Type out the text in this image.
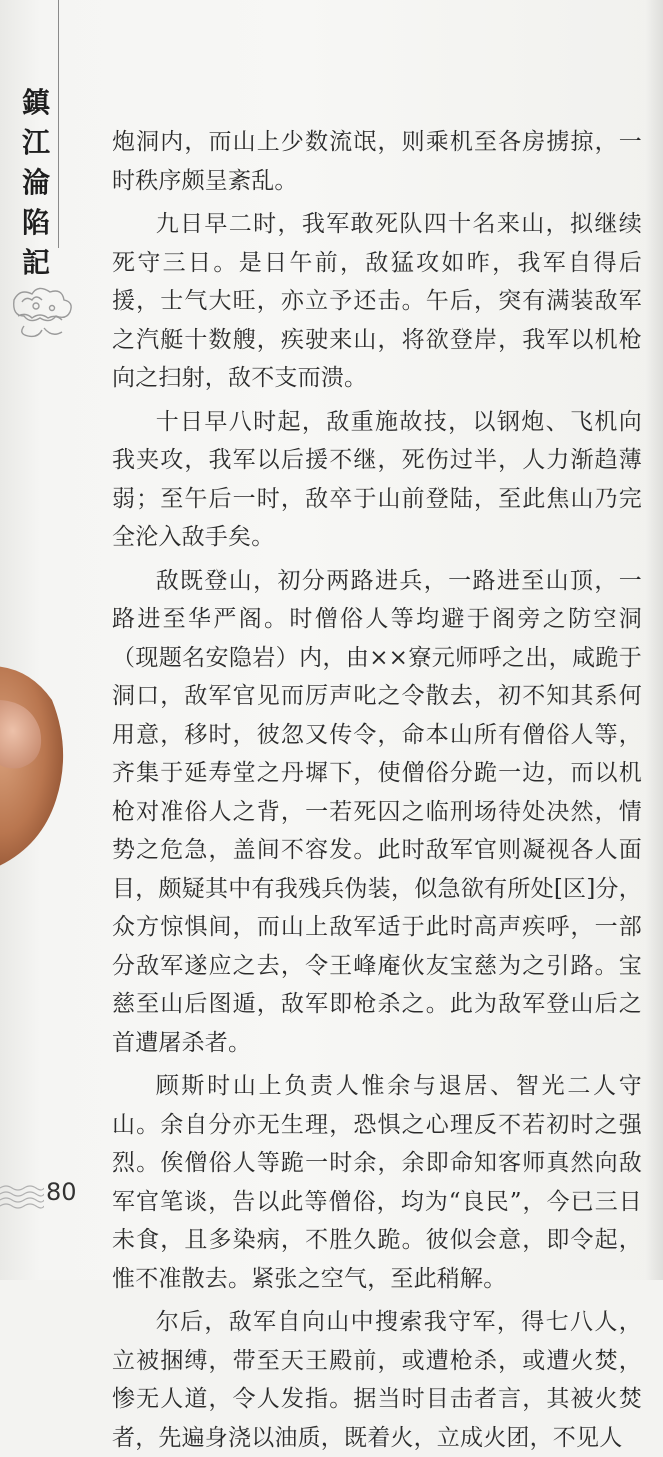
鎮
江
淪
陷
記

炮洞内，而山上少数流氓，则乘机至各房掳掠，一时秩序颇呈紊乱。

九日早二时，我军敢死队四十名来山，拟继续死守三日。是日午前，敌猛攻如昨，我军自得后援，士气大旺，亦立予还击。午后，突有满装敌军之汽艇十数艘，疾驶来山，将欲登岸，我军以机枪向之扫射，敌不支而溃。

十日早八时起，敌重施故技，以钢炮、飞机向我夹攻，我军以后援不继，死伤过半，人力渐趋薄弱；至午后一时，敌卒于山前登陆，至此焦山乃完全沦入敌手矣。

敌既登山，初分两路进兵，一路进至山顶，一路进至华严阁。时僧俗人等均避于阁旁之防空洞（现题名安隐岩）内，由××寮元师呼之出，咸跪于洞口，敌军官见而厉声叱之令散去，初不知其系何用意，移时，彼忽又传令，命本山所有僧俗人等，齐集于延寿堂之丹墀下，使僧俗分跪一边，而以机枪对准俗人之背，一若死囚之临刑场待处决然，情势之危急，盖间不容发。此时敌军官则凝视各人面目，颇疑其中有我残兵伪装，似急欲有所处[区]分，众方惊惧间，而山上敌军适于此时高声疾呼，一部分敌军遂应之去，令王峰庵伙友宝慈为之引路。宝慈至山后图遁，敌军即枪杀之。此为敌军登山后之首遭屠杀者。

顾斯时山上负责人惟余与退居、智光二人守山。余自分亦无生理，恐惧之心理反不若初时之强烈。俟僧俗人等跪一时余，余即命知客师真然向敌军官笔谈，告以此等僧俗，均为“良民”，今已三日未食，且多染病，不胜久跪。彼似会意，即令起，惟不准散去。紧张之空气，至此稍解。

尔后，敌军自向山中搜索我守军，得七八人，立被捆缚，带至天王殿前，或遭枪杀，或遭火焚，惨无人道，令人发指。据当时目击者言，其被火焚者，先遍身浇以油质，既着火，立成火团，不见人

80
